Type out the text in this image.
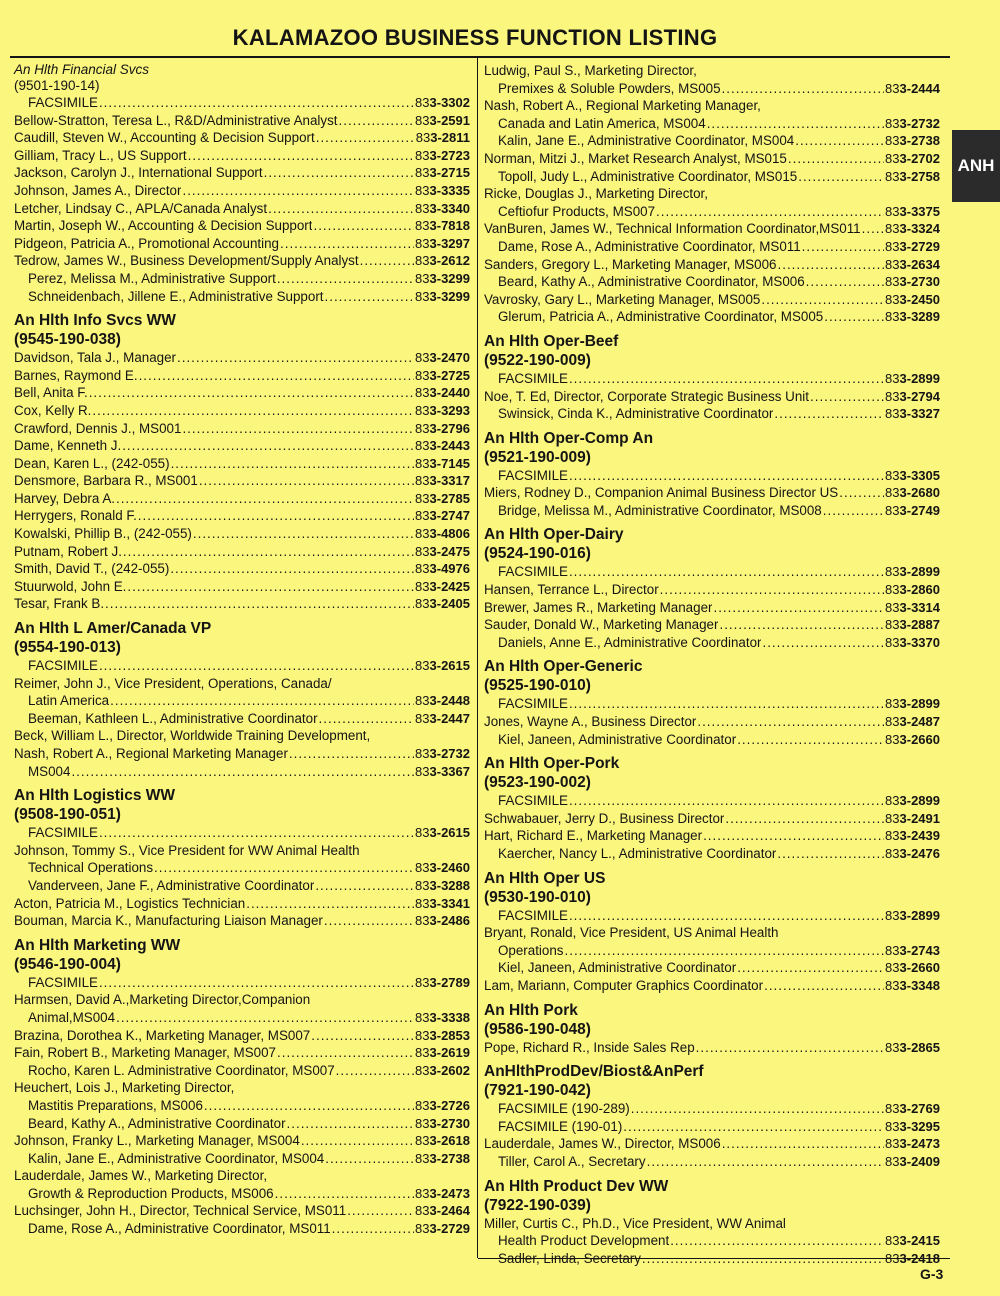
KALAMAZOO BUSINESS FUNCTION LISTING
An Hlth Financial Svcs
(9501-190-14)
FACSIMILE .....	833-3302
Bellow-Stratton, Teresa L., R&D/Administrative Analyst .....	833-2591
Caudill, Steven W., Accounting & Decision Support .....	833-2811
Gilliam, Tracy L., US Support .....	833-2723
Jackson, Carolyn J., International Support .....	833-2715
Johnson, James A., Director .....	833-3335
Letcher, Lindsay C., APLA/Canada Analyst .....	833-3340
Martin, Joseph W., Accounting & Decision Support .....	833-7818
Pidgeon, Patricia A., Promotional Accounting .....	833-3297
Tedrow, James W., Business Development/Supply Analyst .....	833-2612
Perez, Melissa M., Administrative Support .....	833-3299
Schneidenbach, Jillene E., Administrative Support .....	833-3299
An Hlth Info Svcs WW
(9545-190-038)
Davidson, Tala J., Manager .....	833-2470
Barnes, Raymond E. .....	833-2725
Bell, Anita F. .....	833-2440
Cox, Kelly R. .....	833-3293
Crawford, Dennis J., MS001 .....	833-2796
Dame, Kenneth J. .....	833-2443
Dean, Karen L., (242-055) .....	833-7145
Densmore, Barbara R., MS001 .....	833-3317
Harvey, Debra A. .....	833-2785
Herrygers, Ronald F. .....	833-2747
Kowalski, Phillip B., (242-055) .....	833-4806
Putnam, Robert J. .....	833-2475
Smith, David T., (242-055) .....	833-4976
Stuurwold, John E. .....	833-2425
Tesar, Frank B. .....	833-2405
An Hlth L Amer/Canada VP
(9554-190-013)
FACSIMILE .....	833-2615
Reimer, John J., Vice President, Operations, Canada/
Latin America .....	833-2448
Beeman, Kathleen L., Administrative Coordinator .....	833-2447
Beck, William L., Director, Worldwide Training Development,
Nash, Robert A., Regional Marketing Manager .....	833-2732
MS004 .....	833-3367
An Hlth Logistics WW
(9508-190-051)
FACSIMILE .....	833-2615
Johnson, Tommy S., Vice President for WW Animal Health
Technical Operations .....	833-2460
Vanderveen, Jane F., Administrative Coordinator .....	833-3288
Acton, Patricia M., Logistics Technician .....	833-3341
Bouman, Marcia K., Manufacturing Liaison Manager .....	833-2486
An Hlth Marketing WW
(9546-190-004)
FACSIMILE .....	833-2789
Harmsen, David A.,Marketing Director,Companion
Animal,MS004 .....	833-3338
Brazina, Dorothea K., Marketing Manager, MS007 .....	833-2853
Fain, Robert B., Marketing Manager, MS007 .....	833-2619
Rocho, Karen L. Administrative Coordinator, MS007 .....	833-2602
Heuchert, Lois J., Marketing Director,
Mastitis Preparations, MS006 .....	833-2726
Beard, Kathy A., Administrative Coordinator .....	833-2730
Johnson, Franky L., Marketing Manager, MS004 .....	833-2618
Kalin, Jane E., Administrative Coordinator, MS004 .....	833-2738
Lauderdale, James W., Marketing Director,
Growth & Reproduction Products, MS006 .....	833-2473
Luchsinger, John H., Director, Technical Service, MS011 .....	833-2464
Dame, Rose A., Administrative Coordinator, MS011 .....	833-2729
Ludwig, Paul S., Marketing Director,
Premixes & Soluble Powders, MS005 .....	833-2444
Nash, Robert A., Regional Marketing Manager,
Canada and Latin America, MS004 .....	833-2732
Kalin, Jane E., Administrative Coordinator, MS004 .....	833-2738
Norman, Mitzi J., Market Research Analyst, MS015 .....	833-2702
Topoll, Judy L., Administrative Coordinator, MS015 .....	833-2758
Ricke, Douglas J., Marketing Director,
Ceftiofur Products, MS007 .....	833-3375
VanBuren, James W., Technical Information Coordinator,MS011 ..... 833-3324
Dame, Rose A., Administrative Coordinator, MS011 .....	833-2729
Sanders, Gregory L., Marketing Manager, MS006 .....	833-2634
Beard, Kathy A., Administrative Coordinator, MS006 .....	833-2730
Vavrosky, Gary L., Marketing Manager, MS005 .....	833-2450
Glerum, Patricia A., Administrative Coordinator, MS005 .....	833-3289
An Hlth Oper-Beef
(9522-190-009)
FACSIMILE .....	833-2899
Noe, T. Ed, Director, Corporate Strategic Business Unit .....	833-2794
Swinsick, Cinda K., Administrative Coordinator .....	833-3327
An Hlth Oper-Comp An
(9521-190-009)
FACSIMILE .....	833-3305
Miers, Rodney D., Companion Animal Business Director US .....	833-2680
Bridge, Melissa M., Administrative Coordinator, MS008 .....	833-2749
An Hlth Oper-Dairy
(9524-190-016)
FACSIMILE .....	833-2899
Hansen, Terrance L., Director .....	833-2860
Brewer, James R., Marketing Manager .....	833-3314
Sauder, Donald W., Marketing Manager .....	833-2887
Daniels, Anne E., Administrative Coordinator .....	833-3370
An Hlth Oper-Generic
(9525-190-010)
FACSIMILE .....	833-2899
Jones, Wayne A., Business Director .....	833-2487
Kiel, Janeen, Administrative Coordinator .....	833-2660
An Hlth Oper-Pork
(9523-190-002)
FACSIMILE .....	833-2899
Schwabauer, Jerry D., Business Director .....	833-2491
Hart, Richard E., Marketing Manager .....	833-2439
Kaercher, Nancy L., Administrative Coordinator .....	833-2476
An Hlth Oper US
(9530-190-010)
FACSIMILE .....	833-2899
Bryant, Ronald, Vice President, US Animal Health
Operations .....	833-2743
Kiel, Janeen, Administrative Coordinator .....	833-2660
Lam, Mariann, Computer Graphics Coordinator .....	833-3348
An Hlth Pork
(9586-190-048)
Pope, Richard R., Inside Sales Rep .....	833-2865
AnHlthProdDev/Biost&AnPerf
(7921-190-042)
FACSIMILE (190-289) .....	833-2769
FACSIMILE (190-01) .....	833-3295
Lauderdale, James W., Director, MS006 .....	833-2473
Tiller, Carol A., Secretary .....	833-2409
An Hlth Product Dev WW
(7922-190-039)
Miller, Curtis C., Ph.D., Vice President, WW Animal
Health Product Development .....	833-2415
Sadler, Linda, Secretary .....	833-2418
ANH
G-3
